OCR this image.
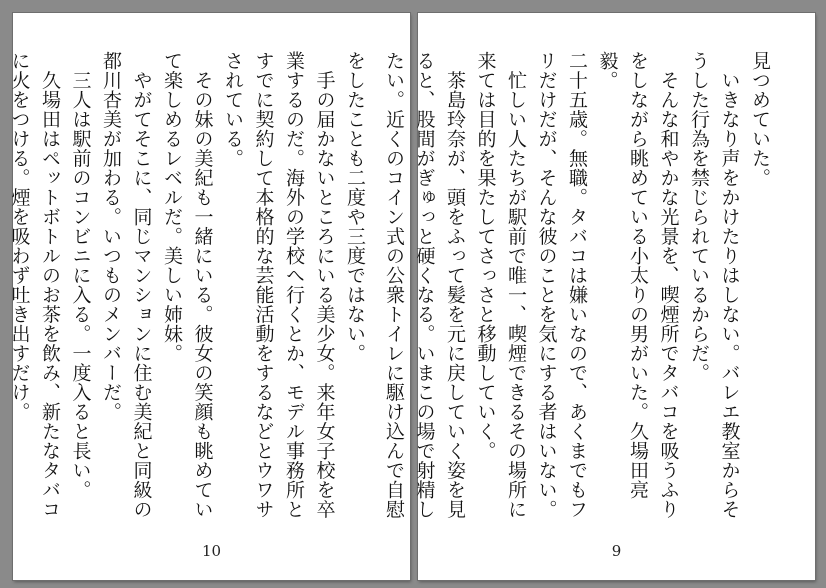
をしたことも二度や三度ではない。

　手の届かないところにいる美少女。来年女子校を卒

業するのだ。海外の学校へ行くとか、モデル事務所と

すでに契約して本格的な芸能活動をするなどとウワサ

されている。

　その妹の美紀も一緒にいる。彼女の笑顔も眺めてい

て楽しめるレベルだ。美しい姉妹。

　やがてそこに、同じマンションに住む美紀と同級の

都川杏美が加わる。いつものメンバーだ。

　三人は駅前のコンビニに入る。一度入ると長い。

　久場田はペットボトルのお茶を飲み、新たなタバコ

に火をつける。煙を吸わず吐き出すだけ。

10

見つめていた。

　いきなり声をかけたりはしない。バレエ教室からそ

うした行為を禁じられているからだ。

　そんな和やかな光景を、喫煙所でタバコを吸うふり

をしながら眺めている小太りの男がいた。久場田亮毅。

二十五歳。無職。タバコは嫌いなので、あくまでもフ

リだけだが、そんな彼のことを気にする者はいない。

　忙しい人たちが駅前で唯一、喫煙できるその場所に

来ては目的を果たしてさっさと移動していく。

　茶島玲奈が、頭をふって髪を元に戻していく姿を見

ると、股間がぎゅっと硬くなる。いまこの場で射精し

たい。近くのコイン式の公衆トイレに駆け込んで自慰

9
